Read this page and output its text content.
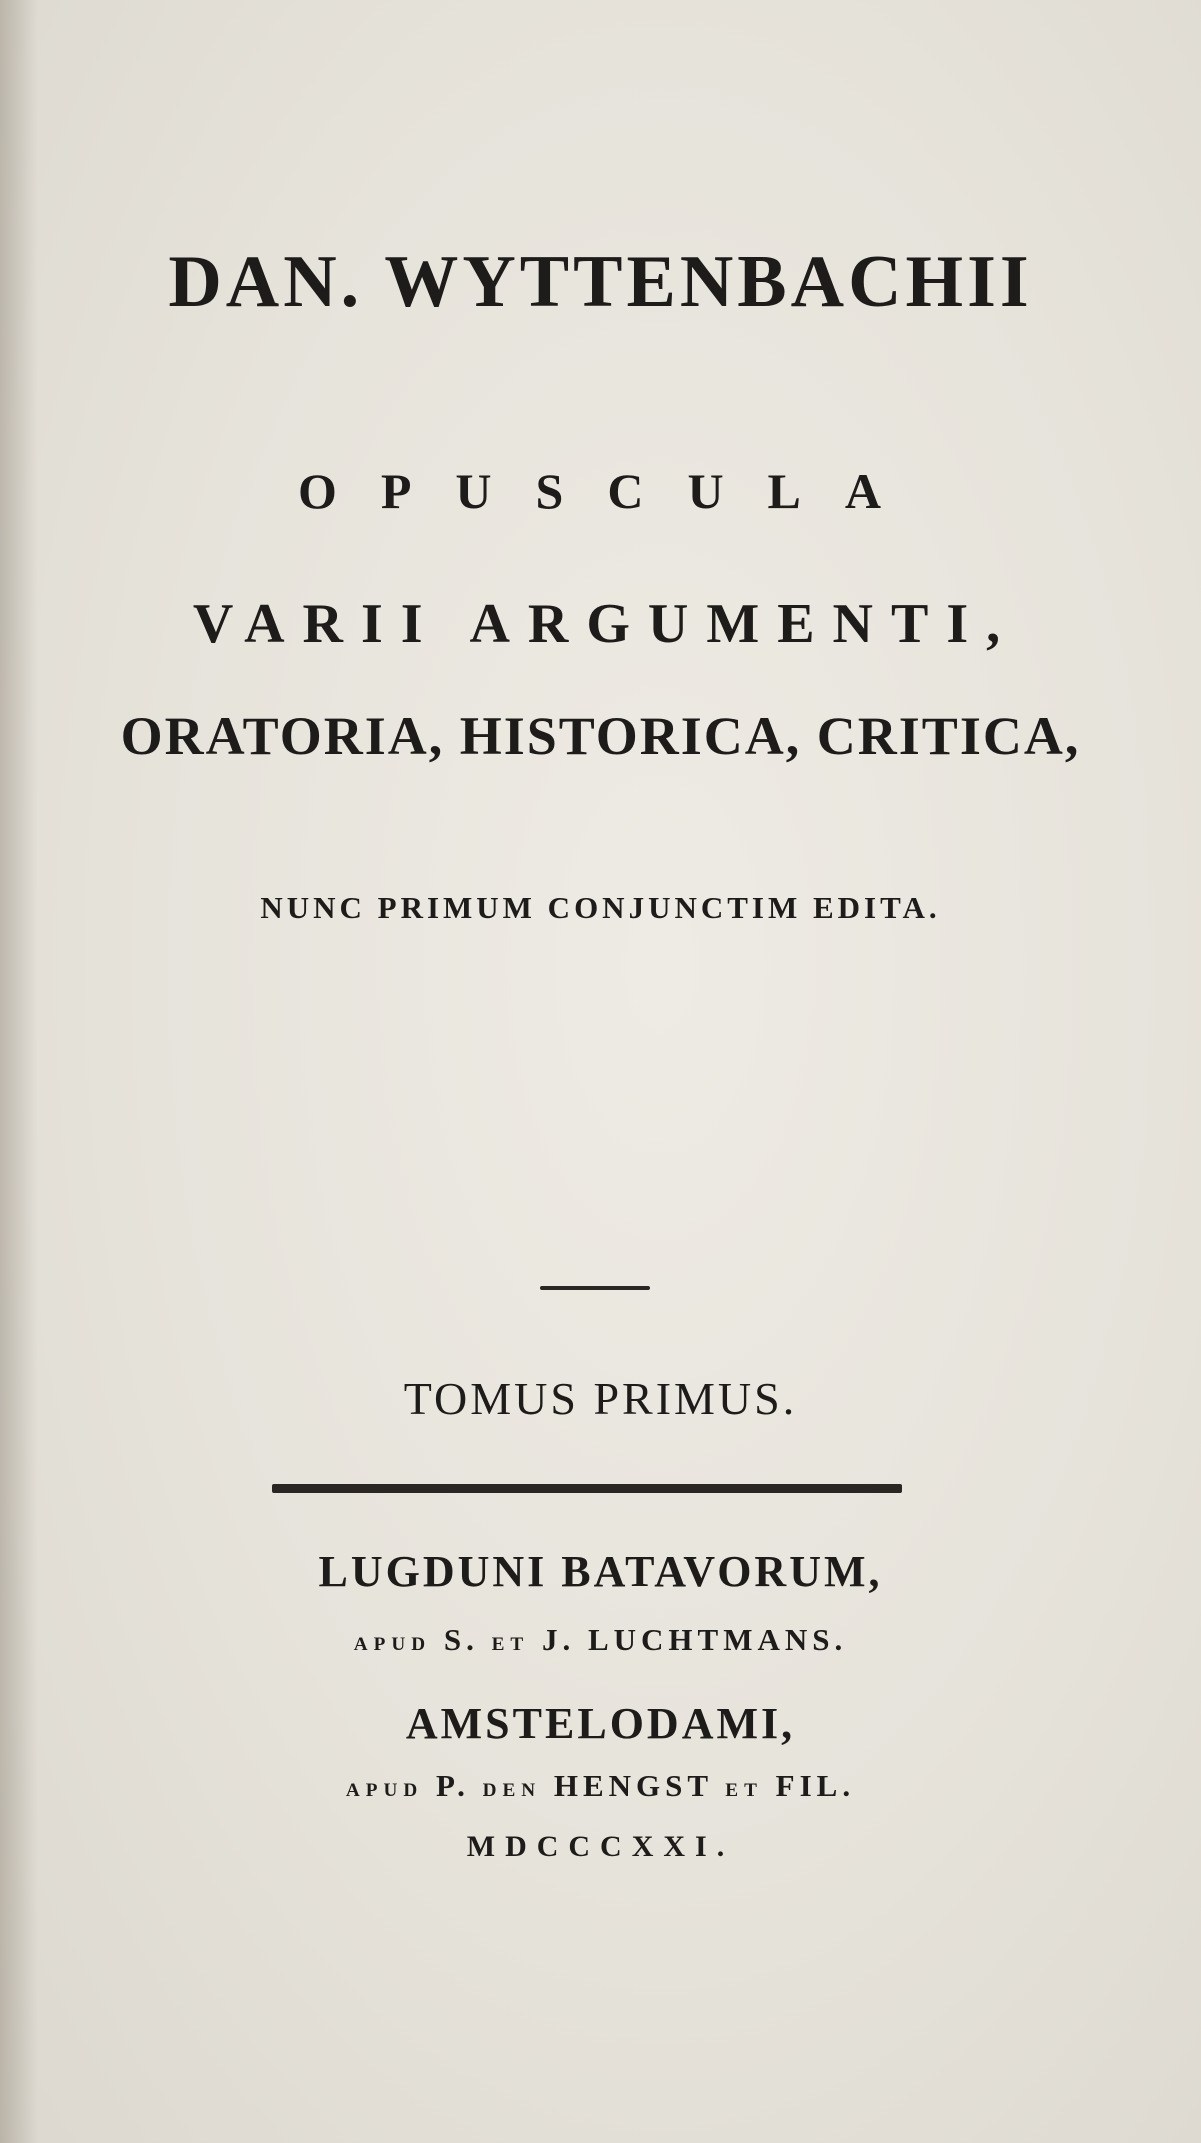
DAN. WYTTENBACHII
OPUSCULA
VARII ARGUMENTI,
ORATORIA, HISTORICA, CRITICA,
NUNC PRIMUM CONJUNCTIM EDITA.
TOMUS PRIMUS.
LUGDUNI BATAVORUM,
APUD S. ET J. LUCHTMANS.
AMSTELODAMI,
APUD P. DEN HENGST ET FIL.
MDCCCXXI.
